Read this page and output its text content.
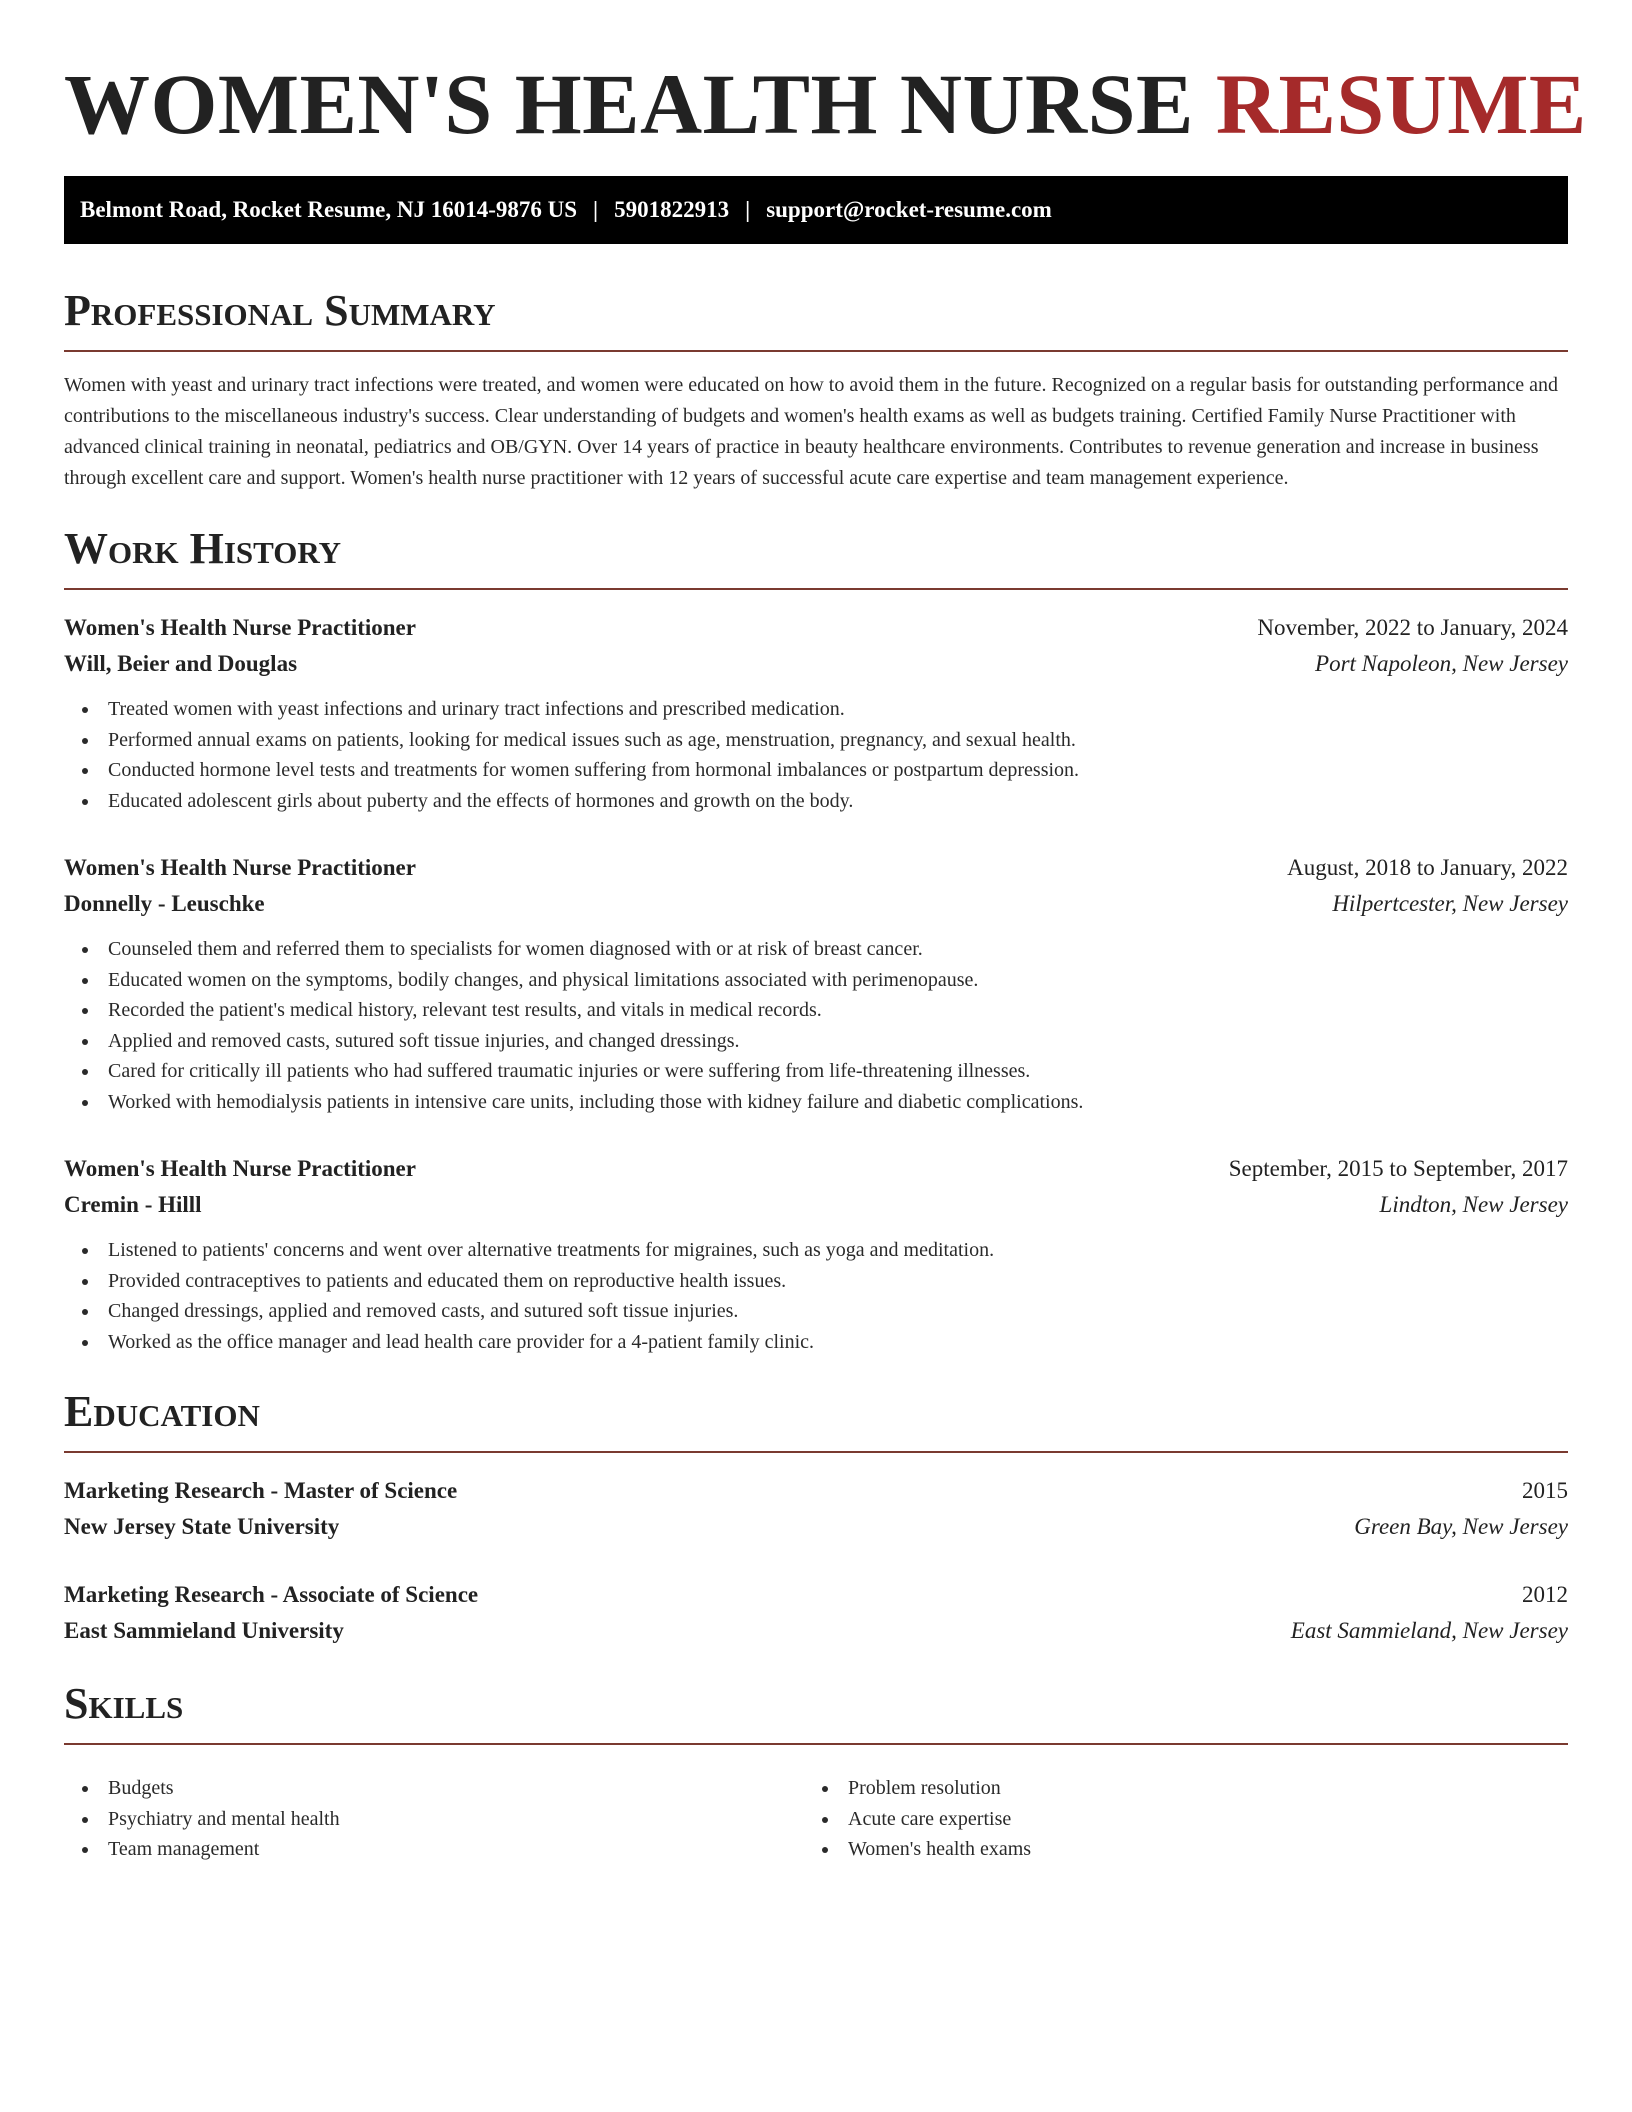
WOMEN'S HEALTH NURSE RESUME
Belmont Road, Rocket Resume, NJ 16014-9876 US | 5901822913 | support@rocket-resume.com
Professional Summary

Women with yeast and urinary tract infections were treated, and women were educated on how to avoid them in the future. Recognized on a regular basis for outstanding performance and contributions to the miscellaneous industry's success. Clear understanding of budgets and women's health exams as well as budgets training. Certified Family Nurse Practitioner with advanced clinical training in neonatal, pediatrics and OB/GYN. Over 14 years of practice in beauty healthcare environments. Contributes to revenue generation and increase in business through excellent care and support. Women's health nurse practitioner with 12 years of successful acute care expertise and team management experience.

Work History
Women's Health Nurse Practitioner	November, 2022 to January, 2024
Will, Beier and Douglas	Port Napoleon, New Jersey
Treated women with yeast infections and urinary tract infections and prescribed medication.
Performed annual exams on patients, looking for medical issues such as age, menstruation, pregnancy, and sexual health.
Conducted hormone level tests and treatments for women suffering from hormonal imbalances or postpartum depression.
Educated adolescent girls about puberty and the effects of hormones and growth on the body.
Women's Health Nurse Practitioner	August, 2018 to January, 2022
Donnelly - Leuschke	Hilpertcester, New Jersey
Counseled them and referred them to specialists for women diagnosed with or at risk of breast cancer.
Educated women on the symptoms, bodily changes, and physical limitations associated with perimenopause.
Recorded the patient's medical history, relevant test results, and vitals in medical records.
Applied and removed casts, sutured soft tissue injuries, and changed dressings.
Cared for critically ill patients who had suffered traumatic injuries or were suffering from life-threatening illnesses.
Worked with hemodialysis patients in intensive care units, including those with kidney failure and diabetic complications.
Women's Health Nurse Practitioner	September, 2015 to September, 2017
Cremin - Hilll	Lindton, New Jersey
Listened to patients' concerns and went over alternative treatments for migraines, such as yoga and meditation.
Provided contraceptives to patients and educated them on reproductive health issues.
Changed dressings, applied and removed casts, and sutured soft tissue injuries.
Worked as the office manager and lead health care provider for a 4-patient family clinic.
Education
Marketing Research - Master of Science	2015
New Jersey State University	Green Bay, New Jersey
Marketing Research - Associate of Science	2012
East Sammieland University	East Sammieland, New Jersey
Skills
Budgets
Psychiatry and mental health
Team management
Problem resolution
Acute care expertise
Women's health exams
